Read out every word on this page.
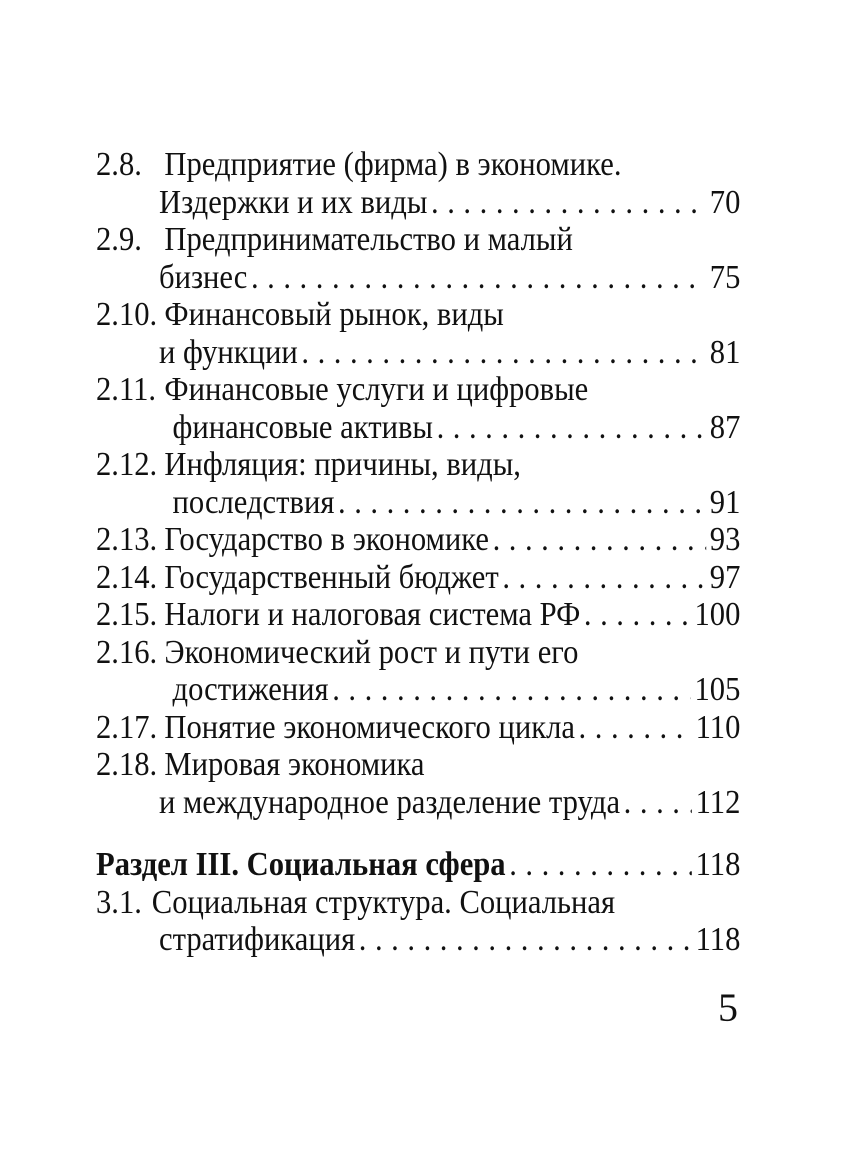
2.8. Предприятие (фирма) в экономике.
Издержки и их виды . . .	70
2.9. Предпринимательство и малый
бизнес . . .	75
2.10. Финансовый рынок, виды
и функции . . .	81
2.11. Финансовые услуги и цифровые
финансовые активы . . .	87
2.12. Инфляция: причины, виды,
последствия . . .	91
2.13. Государство в экономике . . .	93
2.14. Государственный бюджет . . .	97
2.15. Налоги и налоговая система РФ . . .	100
2.16. Экономический рост и пути его
достижения . . .	105
2.17. Понятие экономического цикла . . .	110
2.18. Мировая экономика
и международное разделение труда . . . 112
Раздел III. Социальная сфера . . .	118
3.1. Социальная структура. Социальная
стратификация . . .	118
5
